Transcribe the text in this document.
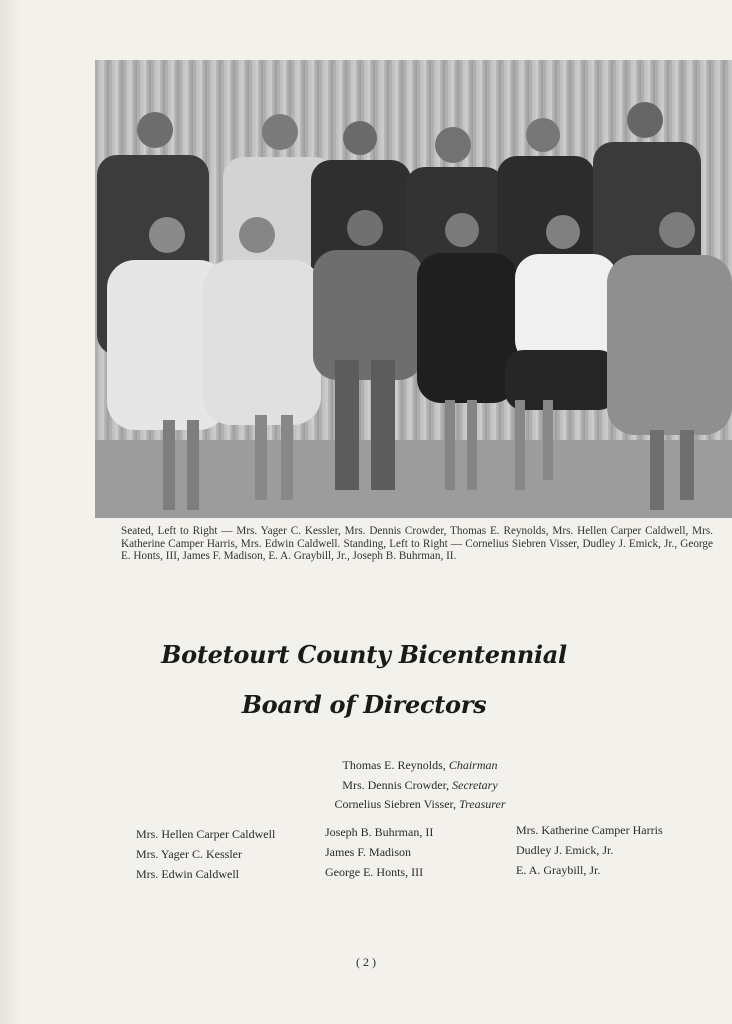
Seated, Left to Right — Mrs. Yager C. Kessler, Mrs. Dennis Crowder, Thomas E. Reynolds, Mrs. Hellen Carper Caldwell, Mrs. Katherine Camper Harris, Mrs. Edwin Caldwell. Standing, Left to Right — Cornelius Siebren Visser, Dudley J. Emick, Jr., George E. Honts, III, James F. Madison, E. A. Graybill, Jr., Joseph B. Buhrman, II.
Botetourt County Bicentennial
Board of Directors
Thomas E. Reynolds, Chairman
Mrs. Dennis Crowder, Secretary
Cornelius Siebren Visser, Treasurer
Mrs. Hellen Carper Caldwell
Mrs. Yager C. Kessler
Mrs. Edwin Caldwell
Joseph B. Buhrman, II
James F. Madison
George E. Honts, III
Mrs. Katherine Camper Harris
Dudley J. Emick, Jr.
E. A. Graybill, Jr.
( 2 )
